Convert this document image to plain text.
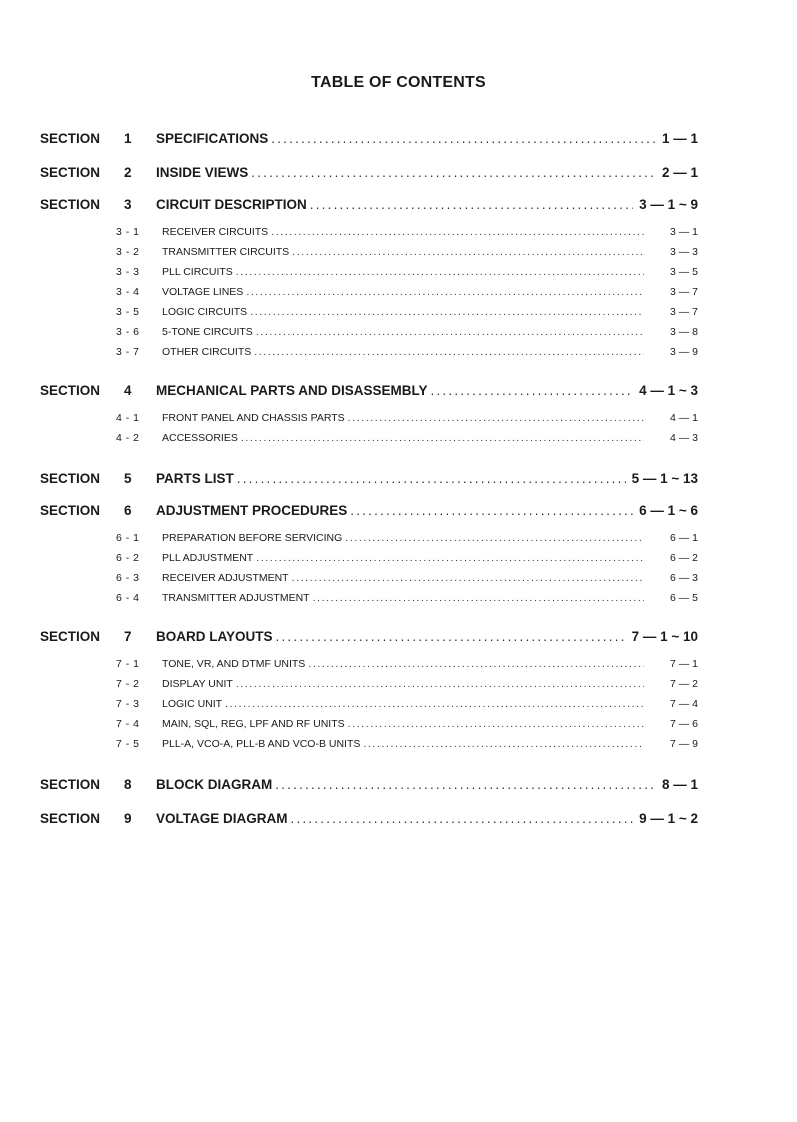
TABLE OF CONTENTS
SECTION	1	SPECIFICATIONS .....	1 — 1
SECTION	2	INSIDE VIEWS .....	2 — 1
SECTION	3	CIRCUIT DESCRIPTION .....	3 — 1 ~ 9
3 - 1	RECEIVER CIRCUITS .....	3 — 1
3 - 2	TRANSMITTER CIRCUITS .....	3 — 3
3 - 3	PLL CIRCUITS .....	3 — 5
3 - 4	VOLTAGE LINES .....	3 — 7
3 - 5	LOGIC CIRCUITS .....	3 — 7
3 - 6	5-TONE CIRCUITS .....	3 — 8
3 - 7	OTHER CIRCUITS .....	3 — 9
SECTION	4	MECHANICAL PARTS AND DISASSEMBLY .....	4 — 1 ~ 3
4 - 1	FRONT PANEL AND CHASSIS PARTS .....	4 — 1
4 - 2	ACCESSORIES .....	4 — 3
SECTION	5	PARTS LIST .....	5 — 1 ~ 13
SECTION	6	ADJUSTMENT PROCEDURES .....	6 — 1 ~ 6
6 - 1	PREPARATION BEFORE SERVICING .....	6 — 1
6 - 2	PLL ADJUSTMENT .....	6 — 2
6 - 3	RECEIVER ADJUSTMENT .....	6 — 3
6 - 4	TRANSMITTER ADJUSTMENT .....	6 — 5
SECTION	7	BOARD LAYOUTS .....	7 — 1 ~ 10
7 - 1	TONE, VR, AND DTMF UNITS .....	7 — 1
7 - 2	DISPLAY UNIT .....	7 — 2
7 - 3	LOGIC UNIT .....	7 — 4
7 - 4	MAIN, SQL, REG, LPF AND RF UNITS .....	7 — 6
7 - 5	PLL-A, VCO-A, PLL-B AND VCO-B UNITS .....	7 — 9
SECTION	8	BLOCK DIAGRAM .....	8 — 1
SECTION	9	VOLTAGE DIAGRAM .....	9 — 1 ~ 2
